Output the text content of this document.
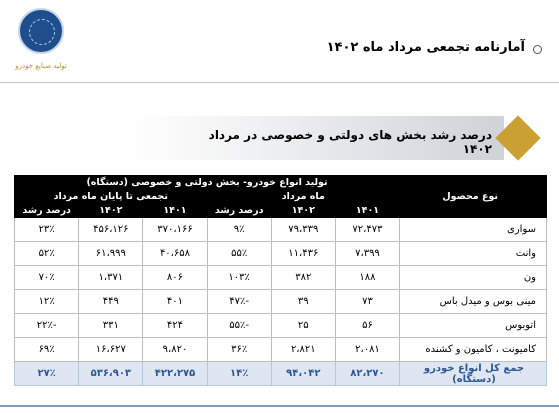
تولید صنایع خودرو
آمارنامه تجمعی مرداد ماه ۱۴۰۲
درصد رشد بخش های دولتی و خصوصی در مرداد ۱۴۰۲
نوع محصول	تولید انواع خودرو- بخش دولتی و خصوصی (دستگاه)					
	ماه مرداد			تجمعی تا پایان ماه مرداد		
	۱۴۰۱	۱۴۰۲	درصد رشد	۱۴۰۱	۱۴۰۲	درصد رشد
سواری	۷۲،۴۷۳	۷۹،۳۳۹	۹٪	۳۷۰،۱۶۶	۴۵۶،۱۲۶	۲۳٪
وانت	۷،۳۹۹	۱۱،۴۳۶	۵۵٪	۴۰،۶۵۸	۶۱،۹۹۹	۵۲٪
ون	۱۸۸	۳۸۲	۱۰۳٪	۸۰۶	۱،۳۷۱	۷۰٪
مینی بوس و میدل باس	۷۳	۳۹	-۴۷٪	۴۰۱	۴۴۹	۱۲٪
اتوبوس	۵۶	۲۵	-۵۵٪	۴۲۴	۳۳۱	-۲۲٪
کامیونت ، کامیون و کشنده	۲،۰۸۱	۲،۸۲۱	۳۶٪	۹،۸۲۰	۱۶،۶۲۷	۶۹٪
جمع کل انواع خودرو (دستگاه)	۸۲،۲۷۰	۹۴،۰۴۲	۱۴٪	۴۲۲،۲۷۵	۵۳۶،۹۰۳	۲۷٪
